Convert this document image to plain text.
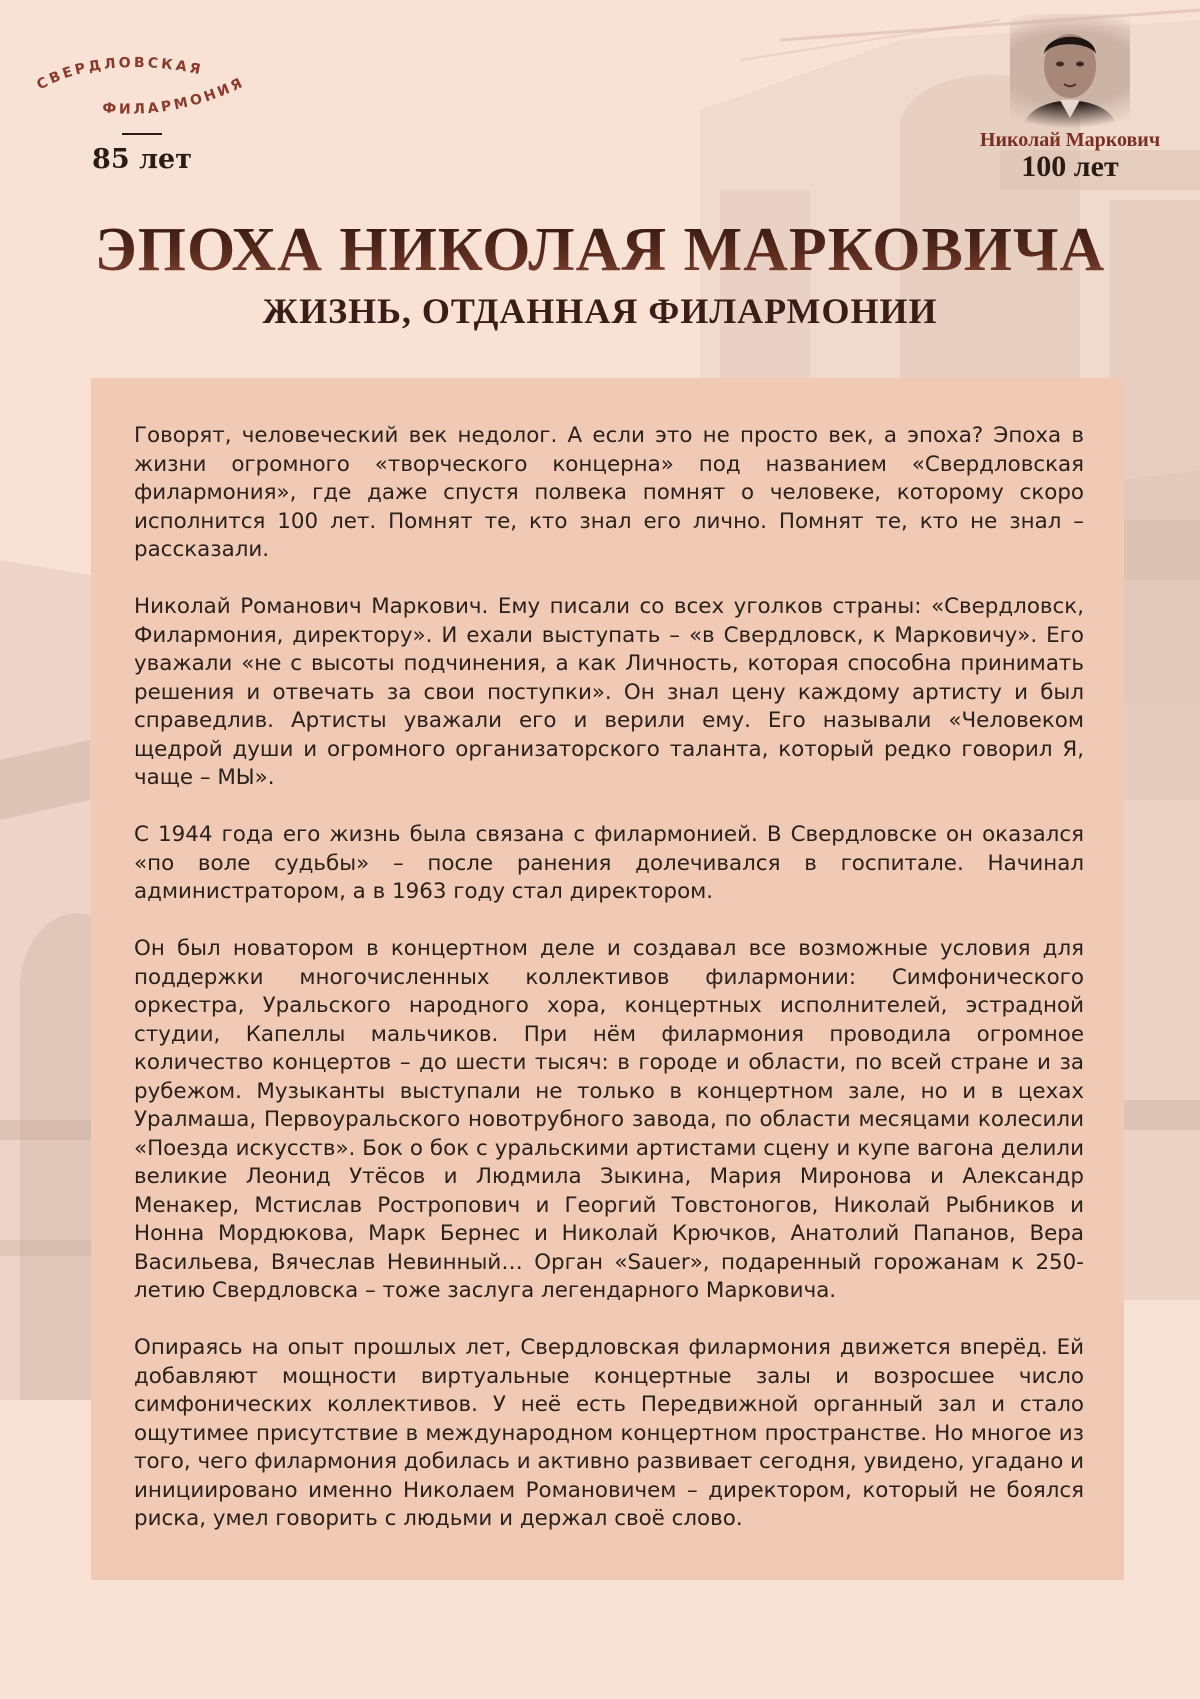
СВЕРДЛОВСКАЯ
ФИЛАРМОНИЯ
85 лет
Николай Маркович
100 лет
ЭПОХА НИКОЛАЯ МАРКОВИЧА
ЖИЗНЬ, ОТДАННАЯ ФИЛАРМОНИИ

Говорят, человеческий век недолог. А если это не просто век, а эпоха? Эпоха в жизни огромного «творческого концерна» под названием «Свердловская филармония», где даже спустя полвека помнят о человеке, которому скоро исполнится 100 лет. Помнят те, кто знал его лично. Помнят те, кто не знал – рассказали.

Николай Романович Маркович. Ему писали со всех уголков страны: «Свердловск, Филармония, директору». И ехали выступать – «в Свердловск, к Марковичу». Его уважали «не с высоты подчинения, а как Личность, которая способна принимать решения и отвечать за свои поступки». Он знал цену каждому артисту и был справедлив. Артисты уважали его и верили ему. Его называли «Человеком щедрой души и огромного организаторского таланта, который редко говорил Я, чаще – МЫ».

С 1944 года его жизнь была связана с филармонией. В Свердловске он оказался «по воле судьбы» – после ранения долечивался в госпитале. Начинал администратором, а в 1963 году стал директором.

Он был новатором в концертном деле и создавал все возможные условия для поддержки многочисленных коллективов филармонии: Симфонического оркестра, Уральского народного хора, концертных исполнителей, эстрадной студии, Капеллы мальчиков. При нём филармония проводила огромное количество концертов – до шести тысяч: в городе и области, по всей стране и за рубежом. Музыканты выступали не только в концертном зале, но и в цехах Уралмаша, Первоуральского новотрубного завода, по области месяцами колесили «Поезда искусств». Бок о бок с уральскими артистами сцену и купе вагона делили великие Леонид Утёсов и Людмила Зыкина, Мария Миронова и Александр Менакер, Мстислав Ростропович и Георгий Товстоногов, Николай Рыбников и Нонна Мордюкова, Марк Бернес и Николай Крючков, Анатолий Папанов, Вера Васильева, Вячеслав Невинный… Орган «Sauer», подаренный горожанам к 250-летию Свердловска – тоже заслуга легендарного Марковича.

Опираясь на опыт прошлых лет, Свердловская филармония движется вперёд. Ей добавляют мощности виртуальные концертные залы и возросшее число симфонических коллективов. У неё есть Передвижной органный зал и стало ощутимее присутствие в международном концертном пространстве. Но многое из того, чего филармония добилась и активно развивает сегодня, увидено, угадано и инициировано именно Николаем Романовичем – директором, который не боялся риска, умел говорить с людьми и держал своё слово.
